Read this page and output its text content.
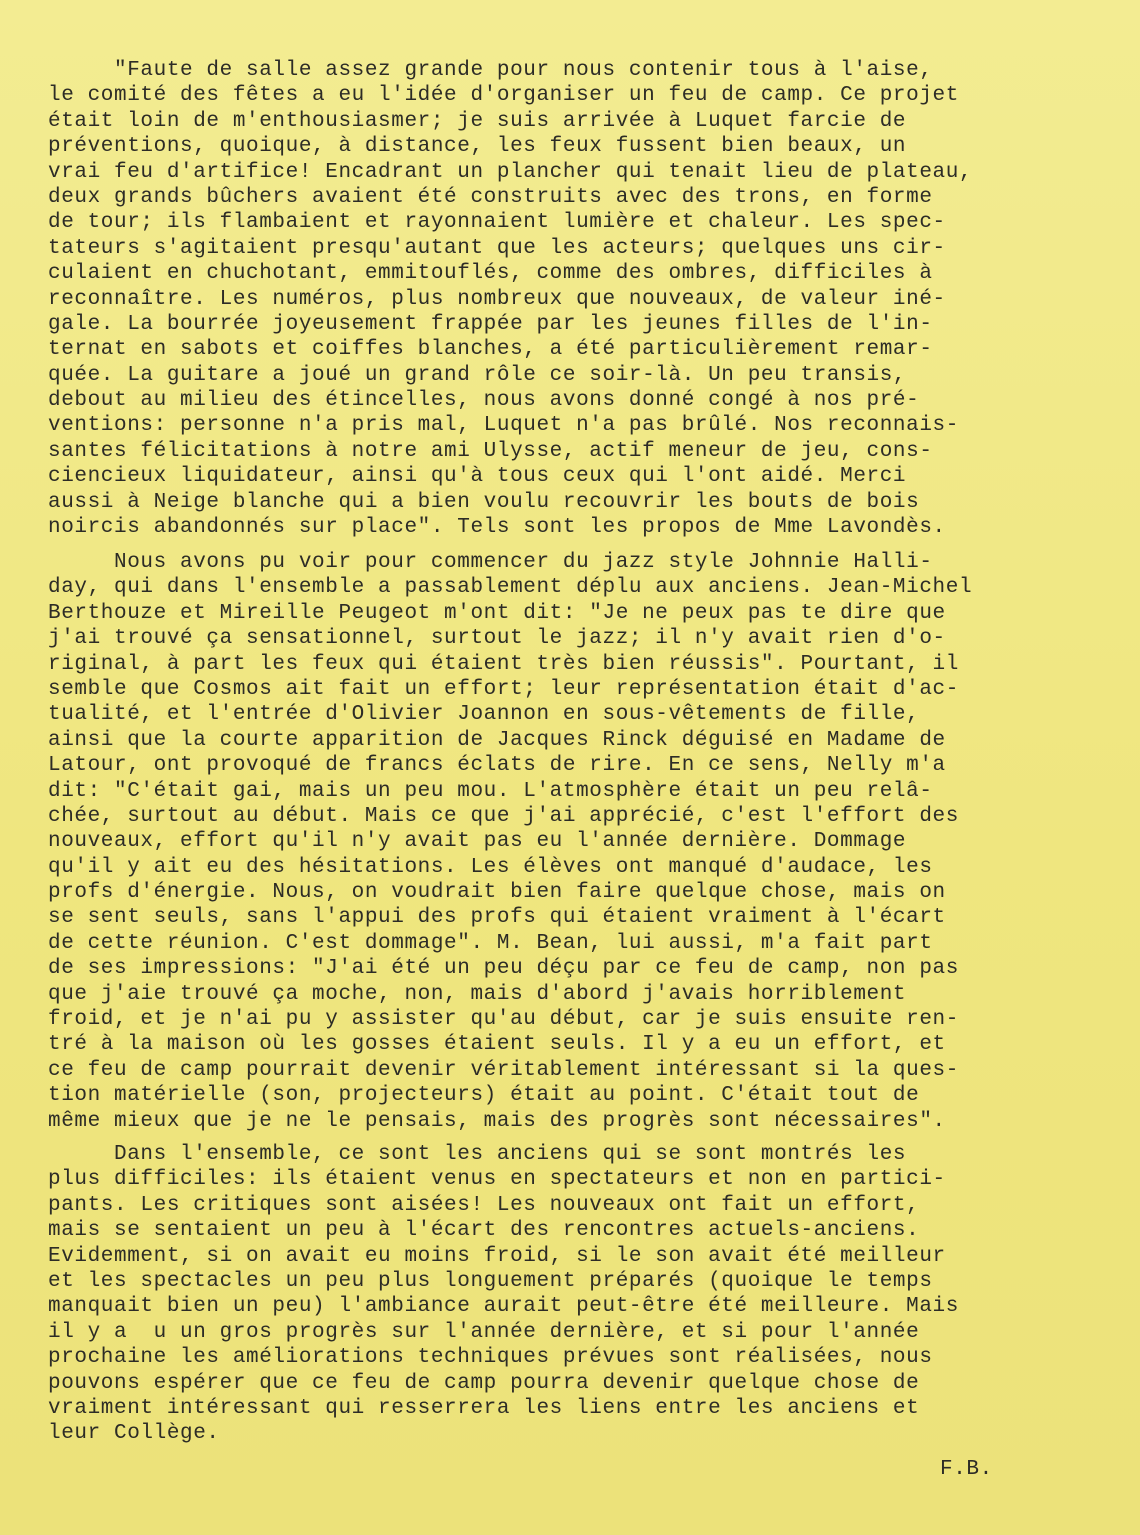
"Faute de salle assez grande pour nous contenir tous à l'aise,
le comité des fêtes a eu l'idée d'organiser un feu de camp. Ce projet
était loin de m'enthousiasmer; je suis arrivée à Luquet farcie de
préventions, quoique, à distance, les feux fussent bien beaux, un
vrai feu d'artifice! Encadrant un plancher qui tenait lieu de plateau,
deux grands bûchers avaient été construits avec des trons, en forme
de tour; ils flambaient et rayonnaient lumière et chaleur. Les spec-
tateurs s'agitaient presqu'autant que les acteurs; quelques uns cir-
culaient en chuchotant, emmitouflés, comme des ombres, difficiles à
reconnaître. Les numéros, plus nombreux que nouveaux, de valeur iné-
gale. La bourrée joyeusement frappée par les jeunes filles de l'in-
ternat en sabots et coiffes blanches, a été particulièrement remar-
quée. La guitare a joué un grand rôle ce soir-là. Un peu transis,
debout au milieu des étincelles, nous avons donné congé à nos pré-
ventions: personne n'a pris mal, Luquet n'a pas brûlé. Nos reconnais-
santes félicitations à notre ami Ulysse, actif meneur de jeu, cons-
ciencieux liquidateur, ainsi qu'à tous ceux qui l'ont aidé. Merci
aussi à Neige blanche qui a bien voulu recouvrir les bouts de bois
noircis abandonnés sur place". Tels sont les propos de Mme Lavondès.
Nous avons pu voir pour commencer du jazz style Johnnie Halli-
day, qui dans l'ensemble a passablement déplu aux anciens. Jean-Michel
Berthouze et Mireille Peugeot m'ont dit: "Je ne peux pas te dire que
j'ai trouvé ça sensationnel, surtout le jazz; il n'y avait rien d'o-
riginal, à part les feux qui étaient très bien réussis". Pourtant, il
semble que Cosmos ait fait un effort; leur représentation était d'ac-
tualité, et l'entrée d'Olivier Joannon en sous-vêtements de fille,
ainsi que la courte apparition de Jacques Rinck déguisé en Madame de
Latour, ont provoqué de francs éclats de rire. En ce sens, Nelly m'a
dit: "C'était gai, mais un peu mou. L'atmosphère était un peu relâ-
chée, surtout au début. Mais ce que j'ai apprécié, c'est l'effort des
nouveaux, effort qu'il n'y avait pas eu l'année dernière. Dommage
qu'il y ait eu des hésitations. Les élèves ont manqué d'audace, les
profs d'énergie. Nous, on voudrait bien faire quelque chose, mais on
se sent seuls, sans l'appui des profs qui étaient vraiment à l'écart
de cette réunion. C'est dommage". M. Bean, lui aussi, m'a fait part
de ses impressions: "J'ai été un peu déçu par ce feu de camp, non pas
que j'aie trouvé ça moche, non, mais d'abord j'avais horriblement
froid, et je n'ai pu y assister qu'au début, car je suis ensuite ren-
tré à la maison où les gosses étaient seuls. Il y a eu un effort, et
ce feu de camp pourrait devenir véritablement intéressant si la ques-
tion matérielle (son, projecteurs) était au point. C'était tout de
même mieux que je ne le pensais, mais des progrès sont nécessaires".
Dans l'ensemble, ce sont les anciens qui se sont montrés les
plus difficiles: ils étaient venus en spectateurs et non en partici-
pants. Les critiques sont aisées! Les nouveaux ont fait un effort,
mais se sentaient un peu à l'écart des rencontres actuels-anciens.
Evidemment, si on avait eu moins froid, si le son avait été meilleur
et les spectacles un peu plus longuement préparés (quoique le temps
manquait bien un peu) l'ambiance aurait peut-être été meilleure. Mais
il y a  u un gros progrès sur l'année dernière, et si pour l'année
prochaine les améliorations techniques prévues sont réalisées, nous
pouvons espérer que ce feu de camp pourra devenir quelque chose de
vraiment intéressant qui resserrera les liens entre les anciens et
leur Collège.
F.B.
